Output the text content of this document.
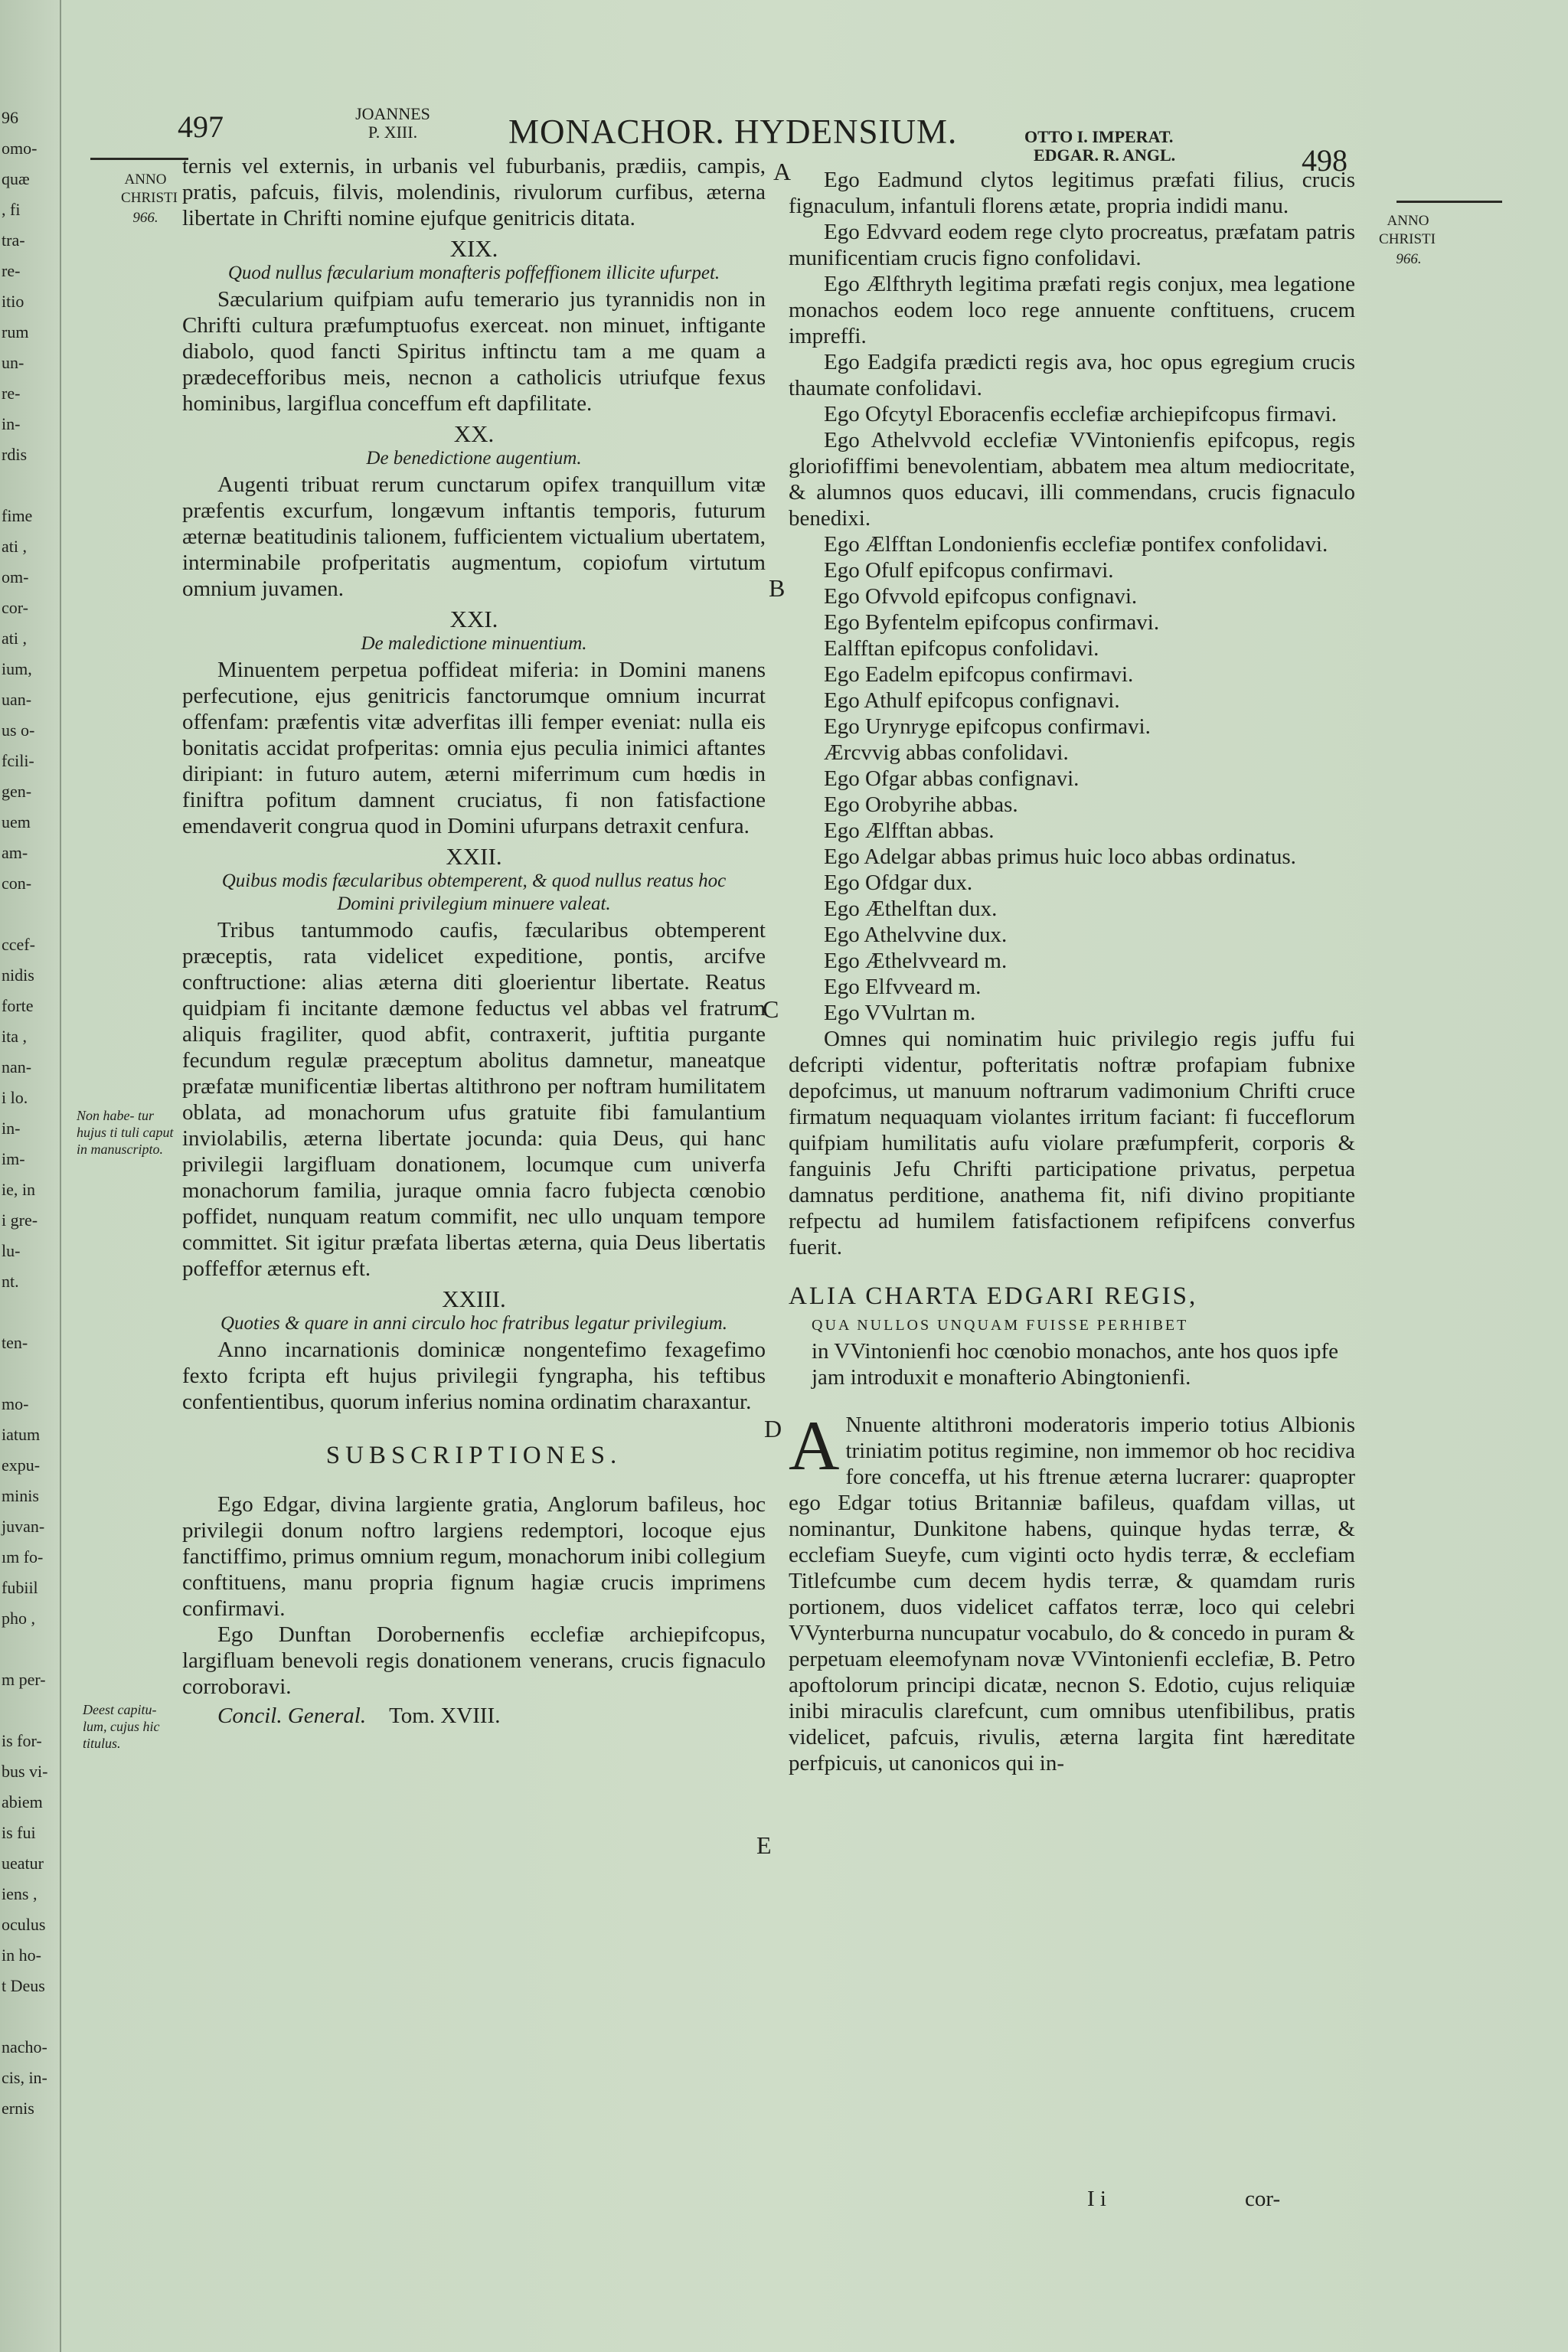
96
omo-
quæ
, fi
tra-
re-
itio
rum
un-
re-
in-
rdis
fime
ati ,
om-
cor-
ati ,
ium,
uan-
us o-
fcili-
gen-
uem
am-
con-
ccef-
nidis
forte
ita ,
nan-
i lo.
in-
im-
ie, in
i gre-
lu-
nt.
ten-
mo-
iatum
expu-
minis
juvan-
ım fo-
fubiil
pho ,
m per-
is for-
bus vi-
abiem
is fui
ueatur
iens ,
oculus
in ho-
t Deus
nacho-
cis, in-
ernis
497	JOANNES
P. XIII.	MONACHOR. HYDENSIUM.	OTTO I. IMPERAT.
EDGAR. R. ANGL.	498
ANNO
CHRISTI
966.	ANNO
CHRISTI
966.
Non habe- tur hujus ti tuli caput in manuscripto.
Deest capitu- lum, cujus hic titulus.
A
B
C
D
E

ternis vel externis, in urbanis vel fuburbanis, prædiis, campis, pratis, pafcuis, filvis, molendinis, rivulorum curfibus, æterna libertate in Chrifti nomine ejufque genitricis ditata.

XIX.
Quod nullus fæcularium monafteris poffeffionem illicite ufurpet.

Sæcularium quifpiam aufu temerario jus tyrannidis non in Chrifti cultura præfumptuofus exerceat. non minuet, inftigante diabolo, quod fancti Spiritus inftinctu tam a me quam a prædecefforibus meis, necnon a catholicis utriufque fexus hominibus, largiflua conceffum eft dapfilitate.

XX.
De benedictione augentium.

Augenti tribuat rerum cunctarum opifex tranquillum vitæ præfentis excurfum, longævum inftantis temporis, futurum æternæ beatitudinis talionem, fufficientem victualium ubertatem, interminabile profperitatis augmentum, copiofum virtutum omnium juvamen.

XXI.
De maledictione minuentium.

Minuentem perpetua poffideat miferia: in Domini manens perfecutione, ejus genitricis fanctorumque omnium incurrat offenfam: præfentis vitæ adverfitas illi femper eveniat: nulla eis bonitatis accidat profperitas: omnia ejus peculia inimici aftantes diripiant: in futuro autem, æterni miferrimum cum hœdis in finiftra pofitum damnent cruciatus, fi non fatisfactione emendaverit congrua quod in Domini ufurpans detraxit cenfura.

XXII.
Quibus modis fæcularibus obtemperent, & quod nullus reatus hoc Domini privilegium minuere valeat.

Tribus tantummodo caufis, fæcularibus obtemperent præceptis, rata videlicet expeditione, pontis, arcifve conftructione: alias æterna diti gloerientur libertate. Reatus quidpiam fi incitante dæmone feductus vel abbas vel fratrum aliquis fragiliter, quod abfit, contraxerit, juftitia purgante fecundum regulæ præceptum abolitus damnetur, maneatque præfatæ munificentiæ libertas altithrono per noftram humilitatem oblata, ad monachorum ufus gratuite fibi famulantium inviolabilis, æterna libertate jocunda: quia Deus, qui hanc privilegii largifluam donationem, locumque cum univerfa monachorum familia, juraque omnia facro fubjecta cœnobio poffidet, nunquam reatum commifit, nec ullo unquam tempore committet. Sit igitur præfata libertas æterna, quia Deus libertatis poffeffor æternus eft.

XXIII.
Quoties & quare in anni circulo hoc fratribus legatur privilegium.

Anno incarnationis dominicæ nongentefimo fexagefimo fexto fcripta eft hujus privilegii fyngrapha, his teftibus confentientibus, quorum inferius nomina ordinatim charaxantur.

SUBSCRIPTIONES.

Ego Edgar, divina largiente gratia, Anglorum bafileus, hoc privilegii donum noftro largiens redemptori, locoque ejus fanctiffimo, primus omnium regum, monachorum inibi collegium conftituens, manu propria fignum hagiæ crucis imprimens confirmavi.

Ego Dunftan Dorobernenfis ecclefiæ archiepifcopus, largifluam benevoli regis donationem venerans, crucis fignaculo corroboravi.

Concil. General. Tom. XVIII.

Ego Eadmund clytos legitimus præfati filius, crucis fignaculum, infantuli florens ætate, propria indidi manu.

Ego Edvvard eodem rege clyto procreatus, præfatam patris munificentiam crucis figno confolidavi.

Ego Ælfthryth legitima præfati regis conjux, mea legatione monachos eodem loco rege annuente conftituens, crucem impreffi.

Ego Eadgifa prædicti regis ava, hoc opus egregium crucis thaumate confolidavi.

Ego Ofcytyl Eboracenfis ecclefiæ archiepifcopus firmavi.

Ego Athelvvold ecclefiæ VVintonienfis epifcopus, regis gloriofiffimi benevolentiam, abbatem mea altum mediocritate, & alumnos quos educavi, illi commendans, crucis fignaculo benedixi.

Ego Ælfftan Londonienfis ecclefiæ pontifex confolidavi.

Ego Ofulf epifcopus confirmavi.
Ego Ofvvold epifcopus confignavi.
Ego Byfentelm epifcopus confirmavi.
Ealfftan epifcopus confolidavi.
Ego Eadelm epifcopus confirmavi.
Ego Athulf epifcopus confignavi.
Ego Urynryge epifcopus confirmavi.
Ærcvvig abbas confolidavi.
Ego Ofgar abbas confignavi.
Ego Orobyrihe abbas.
Ego Ælfftan abbas.

Ego Adelgar abbas primus huic loco abbas ordinatus.

Ego Ofdgar dux.
Ego Æthelftan dux.
Ego Athelvvine dux.
Ego Æthelvveard m.
Ego Elfvveard m.
Ego VVulrtan m.

Omnes qui nominatim huic privilegio regis juffu fui defcripti videntur, pofteritatis noftræ profapiam fubnixe depofcimus, ut manuum noftrarum vadimonium Chrifti cruce firmatum nequaquam violantes irritum faciant: fi fucceflorum quifpiam humilitatis aufu violare præfumpferit, corporis & fanguinis Jefu Chrifti participatione privatus, perpetua damnatus perditione, anathema fit, nifi divino propitiante refpectu ad humilem fatisfactionem refipifcens converfus fuerit.

ALIA CHARTA EDGARI REGIS,
QUA NULLOS UNQUAM FUISSE PERHIBET

in VVintonienfi hoc cœnobio monachos, ante hos quos ipfe jam introduxit e monafterio Abingtonienfi.

A Nnuente altithroni moderatoris imperio totius Albionis triniatim potitus regimine, non immemor ob hoc recidiva fore conceffa, ut his ftrenue æterna lucrarer: quapropter ego Edgar totius Britanniæ bafileus, quafdam villas, ut nominantur, Dunkitone habens, quinque hydas terræ, & ecclefiam Sueyfe, cum viginti octo hydis terræ, & ecclefiam Titlefcumbe cum decem hydis terræ, & quamdam ruris portionem, duos videlicet caffatos terræ, loco qui celebri VVynterburna nuncupatur vocabulo, do & concedo in puram & perpetuam eleemofynam novæ VVintonienfi ecclefiæ, B. Petro apoftolorum principi dicatæ, necnon S. Edotio, cujus reliquiæ inibi miraculis clarefcunt, cum omnibus utenfibilibus, pratis videlicet, pafcuis, rivulis, æterna largita fint hæreditate perfpicuis, ut canonicos qui in-

I i	cor-
